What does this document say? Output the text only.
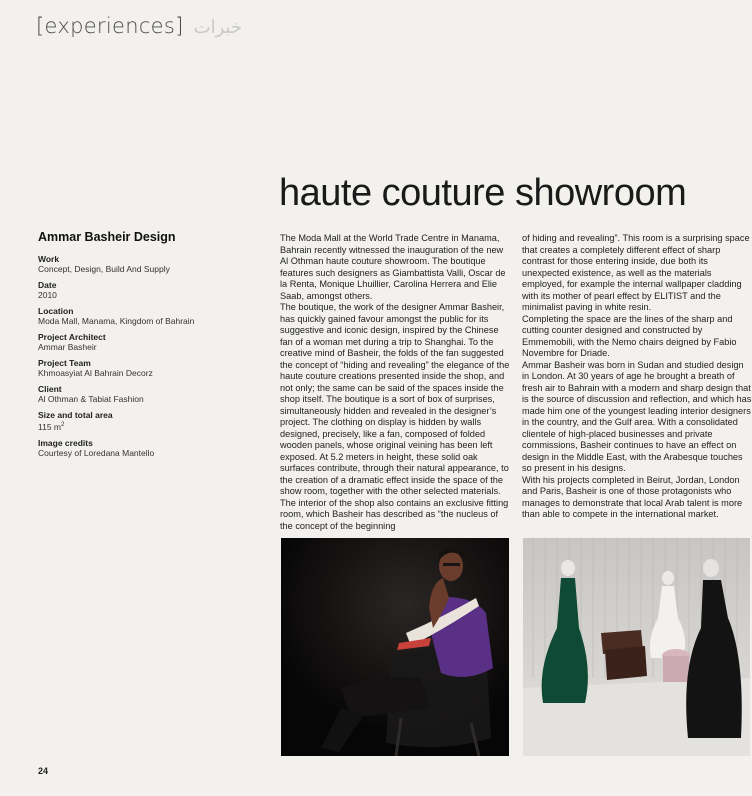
[experiences] خبرات
haute couture showroom
Ammar Basheir Design
Work
Concept, Design, Build And Supply
Date
2010
Location
Moda Mall, Manama, Kingdom of Bahrain
Project Architect
Ammar Basheir
Project Team
Khmoasyiat Al Bahrain Decorz
Client
Al Othman & Tabiat Fashion
Size and total area
115 $m^2$
Image credits
Courtesy of Loredana Mantello

The Moda Mall at the World Trade Centre in Manama, Bahrain recently witnessed the inauguration of the new Al Othman haute couture showroom. The boutique features such designers as Giambattista Valli, Oscar de la Renta, Monique Lhuillier, Carolina Herrera and Elie Saab, amongst others.

The boutique, the work of the designer Ammar Basheir, has quickly gained favour amongst the public for its suggestive and iconic design, inspired by the Chinese fan of a woman met during a trip to Shanghai. To the creative mind of Basheir, the folds of the fan suggested the concept of “hiding and revealing” the elegance of the haute couture creations presented inside the shop, and not only; the same can be said of the spaces inside the shop itself. The boutique is a sort of box of surprises, simultaneously hidden and revealed in the designer’s project. The clothing on display is hidden by walls designed, precisely, like a fan, composed of folded wooden panels, whose original veining has been left exposed. At 5.2 meters in height, these solid oak surfaces contribute, through their natural appearance, to the creation of a dramatic effect inside the space of the show room, together with the other selected materials. The interior of the shop also contains an exclusive fitting room, which Basheir has described as “the nucleus of the concept of the beginning

of hiding and revealing”. This room is a surprising space that creates a completely different effect of sharp contrast for those entering inside, due both its unexpected existence, as well as the materials employed, for example the internal wallpaper cladding with its mother of pearl effect by ELITIST and the minimalist paving in white resin.

Completing the space are the lines of the sharp and cutting counter designed and constructed by Emmemobili, with the Nemo chairs deigned by Fabio Novembre for Driade.

Ammar Basheir was born in Sudan and studied design in London. At 30 years of age he brought a breath of fresh air to Bahrain with a modern and sharp design that is the source of discussion and reflection, and which has made him one of the youngest leading interior designers in the country, and the Gulf area. With a consolidated clientele of high-placed businesses and private commissions, Basheir continues to have an effect on design in the Middle East, with the Arabesque touches so present in his designs.

With his projects completed in Beirut, Jordan, London and Paris, Basheir is one of those protagonists who manages to demonstrate that local Arab talent is more than able to compete in the international market.

24
